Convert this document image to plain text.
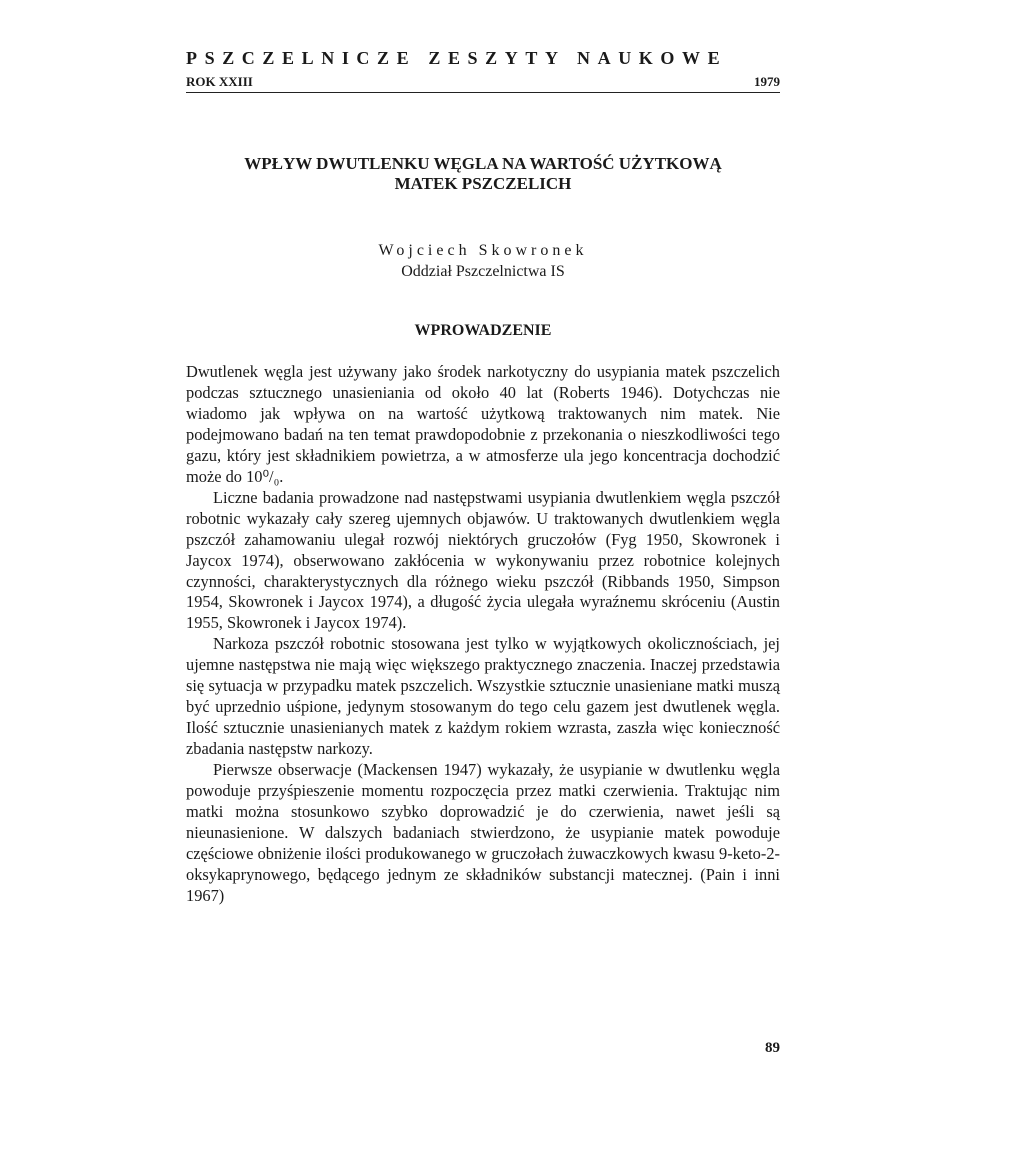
PSZCZELNICZE ZESZYTY NAUKOWE
ROK XXIII	1979
WPŁYW DWUTLENKU WĘGLA NA WARTOŚĆ UŻYTKOWĄ
MATEK PSZCZELICH

Wojciech Skowronek

Oddział Pszczelnictwa IS

WPROWADZENIE

Dwutlenek węgla jest używany jako środek narkotyczny do usypiania matek pszczelich podczas sztucznego unasieniania od około 40 lat (Roberts 1946). Dotychczas nie wiadomo jak wpływa on na wartość użytkową traktowanych nim matek. Nie podejmowano badań na ten temat prawdopodobnie z przekonania o nieszkodliwości tego gazu, który jest składnikiem powietrza, a w atmosferze ula jego koncentracja dochodzić może do 10⁰/₀.

Liczne badania prowadzone nad następstwami usypiania dwutlenkiem węgla pszczół robotnic wykazały cały szereg ujemnych objawów. U traktowanych dwutlenkiem węgla pszczół zahamowaniu ulegał rozwój niektórych gruczołów (Fyg 1950, Skowronek i Jaycox 1974), obserwowano zakłócenia w wykonywaniu przez robotnice kolejnych czynności, charakterystycznych dla różnego wieku pszczół (Ribbands 1950, Simpson 1954, Skowronek i Jaycox 1974), a długość życia ulegała wyraźnemu skróceniu (Austin 1955, Skowronek i Jaycox 1974).

Narkoza pszczół robotnic stosowana jest tylko w wyjątkowych okolicznościach, jej ujemne następstwa nie mają więc większego praktycznego znaczenia. Inaczej przedstawia się sytuacja w przypadku matek pszczelich. Wszystkie sztucznie unasieniane matki muszą być uprzednio uśpione, jedynym stosowanym do tego celu gazem jest dwutlenek węgla. Ilość sztucznie unasienianych matek z każdym rokiem wzrasta, zaszła więc konieczność zbadania następstw narkozy.

Pierwsze obserwacje (Mackensen 1947) wykazały, że usypianie w dwutlenku węgla powoduje przyśpieszenie momentu rozpoczęcia przez matki czerwienia. Traktując nim matki można stosunkowo szybko doprowadzić je do czerwienia, nawet jeśli są nieunasienione. W dalszych badaniach stwierdzono, że usypianie matek powoduje częściowe obniżenie ilości produkowanego w gruczołach żuwaczkowych kwasu 9-keto-2-oksykaprynowego, będącego jednym ze składników substancji matecznej. (Pain i inni 1967)

89
